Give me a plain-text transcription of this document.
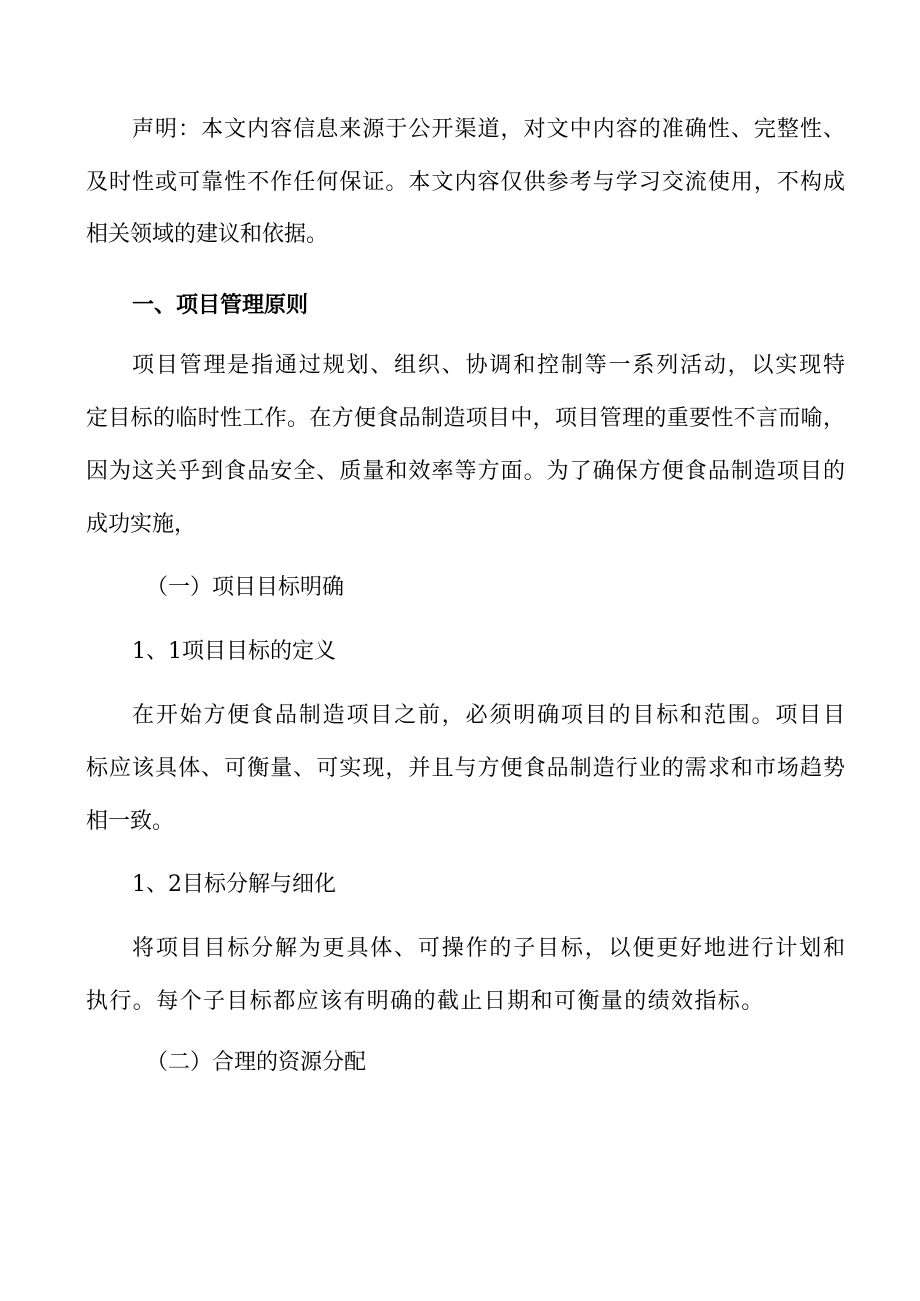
声明：本文内容信息来源于公开渠道，对文中内容的准确性、完整性、
及时性或可靠性不作任何保证。本文内容仅供参考与学习交流使用，不构成
相关领域的建议和依据。
一、项目管理原则
项目管理是指通过规划、组织、协调和控制等一系列活动，以实现特
定目标的临时性工作。在方便食品制造项目中，项目管理的重要性不言而喻，
因为这关乎到食品安全、质量和效率等方面。为了确保方便食品制造项目的
成功实施，
（一）项目目标明确
1、1项目目标的定义
在开始方便食品制造项目之前，必须明确项目的目标和范围。项目目
标应该具体、可衡量、可实现，并且与方便食品制造行业的需求和市场趋势
相一致。
1、2目标分解与细化
将项目目标分解为更具体、可操作的子目标，以便更好地进行计划和
执行。每个子目标都应该有明确的截止日期和可衡量的绩效指标。
（二）合理的资源分配
